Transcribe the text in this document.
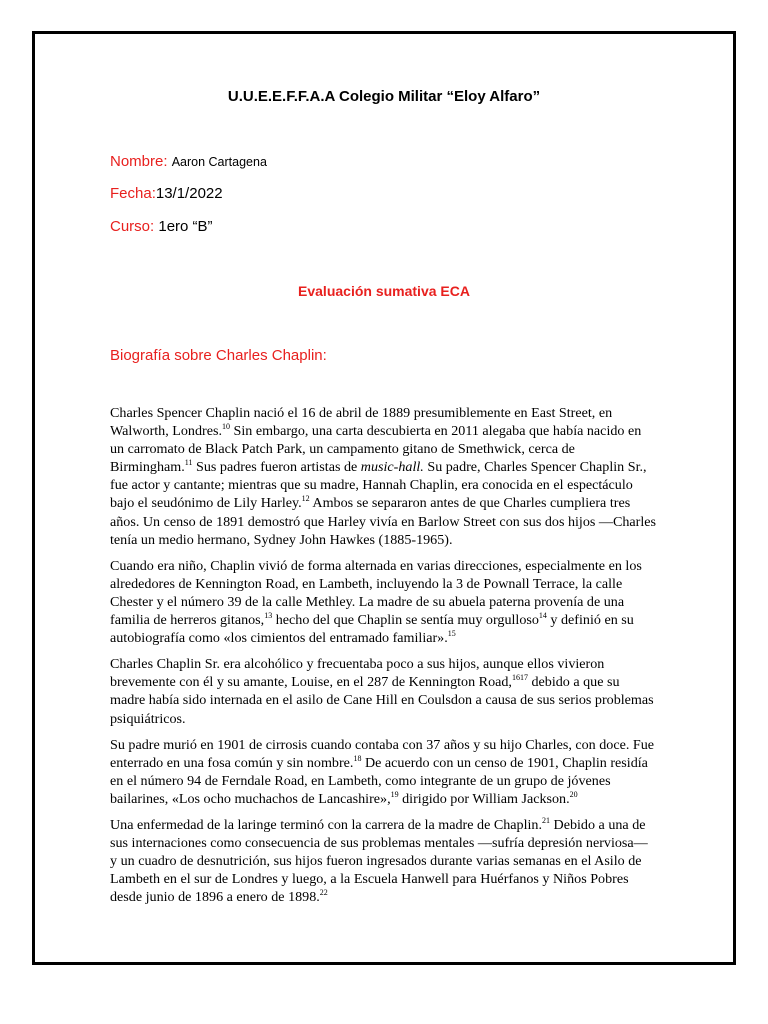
U.U.E.E.F.F.A.A Colegio Militar “Eloy Alfaro”
Nombre: Aaron Cartagena
Fecha:13/1/2022
Curso: 1ero “B”
Evaluación sumativa ECA
Biografía sobre Charles Chaplin:

Charles Spencer Chaplin nació el 16 de abril de 1889 presumiblemente en East Street, en Walworth, Londres.$^{10}$ Sin embargo, una carta descubierta en 2011 alegaba que había nacido en un carromato de Black Patch Park, un campamento gitano de Smethwick, cerca de Birmingham.$^{11}$ Sus padres fueron artistas de music-hall. Su padre, Charles Spencer Chaplin Sr., fue actor y cantante; mientras que su madre, Hannah Chaplin, era conocida en el espectáculo bajo el seudónimo de Lily Harley.$^{12}$ Ambos se separaron antes de que Charles cumpliera tres años. Un censo de 1891 demostró que Harley vivía en Barlow Street con sus dos hijos —Charles tenía un medio hermano, Sydney John Hawkes (1885-1965).

Cuando era niño, Chaplin vivió de forma alternada en varias direcciones, especialmente en los alrededores de Kennington Road, en Lambeth, incluyendo la 3 de Pownall Terrace, la calle Chester y el número 39 de la calle Methley. La madre de su abuela paterna provenía de una familia de herreros gitanos,$^{13}$ hecho del que Chaplin se sentía muy orgulloso$^{14}$ y definió en su autobiografía como «los cimientos del entramado familiar».$^{15}$

Charles Chaplin Sr. era alcohólico y frecuentaba poco a sus hijos, aunque ellos vivieron brevemente con él y su amante, Louise, en el 287 de Kennington Road,$^{1617}$ debido a que su madre había sido internada en el asilo de Cane Hill en Coulsdon a causa de sus serios problemas psiquiátricos.

Su padre murió en 1901 de cirrosis cuando contaba con 37 años y su hijo Charles, con doce. Fue enterrado en una fosa común y sin nombre.$^{18}$ De acuerdo con un censo de 1901, Chaplin residía en el número 94 de Ferndale Road, en Lambeth, como integrante de un grupo de jóvenes bailarines, «Los ocho muchachos de Lancashire»,$^{19}$ dirigido por William Jackson.$^{20}$

Una enfermedad de la laringe terminó con la carrera de la madre de Chaplin.$^{21}$ Debido a una de sus internaciones como consecuencia de sus problemas mentales —sufría depresión nerviosa— y un cuadro de desnutrición, sus hijos fueron ingresados durante varias semanas en el Asilo de Lambeth en el sur de Londres y luego, a la Escuela Hanwell para Huérfanos y Niños Pobres desde junio de 1896 a enero de 1898.22
